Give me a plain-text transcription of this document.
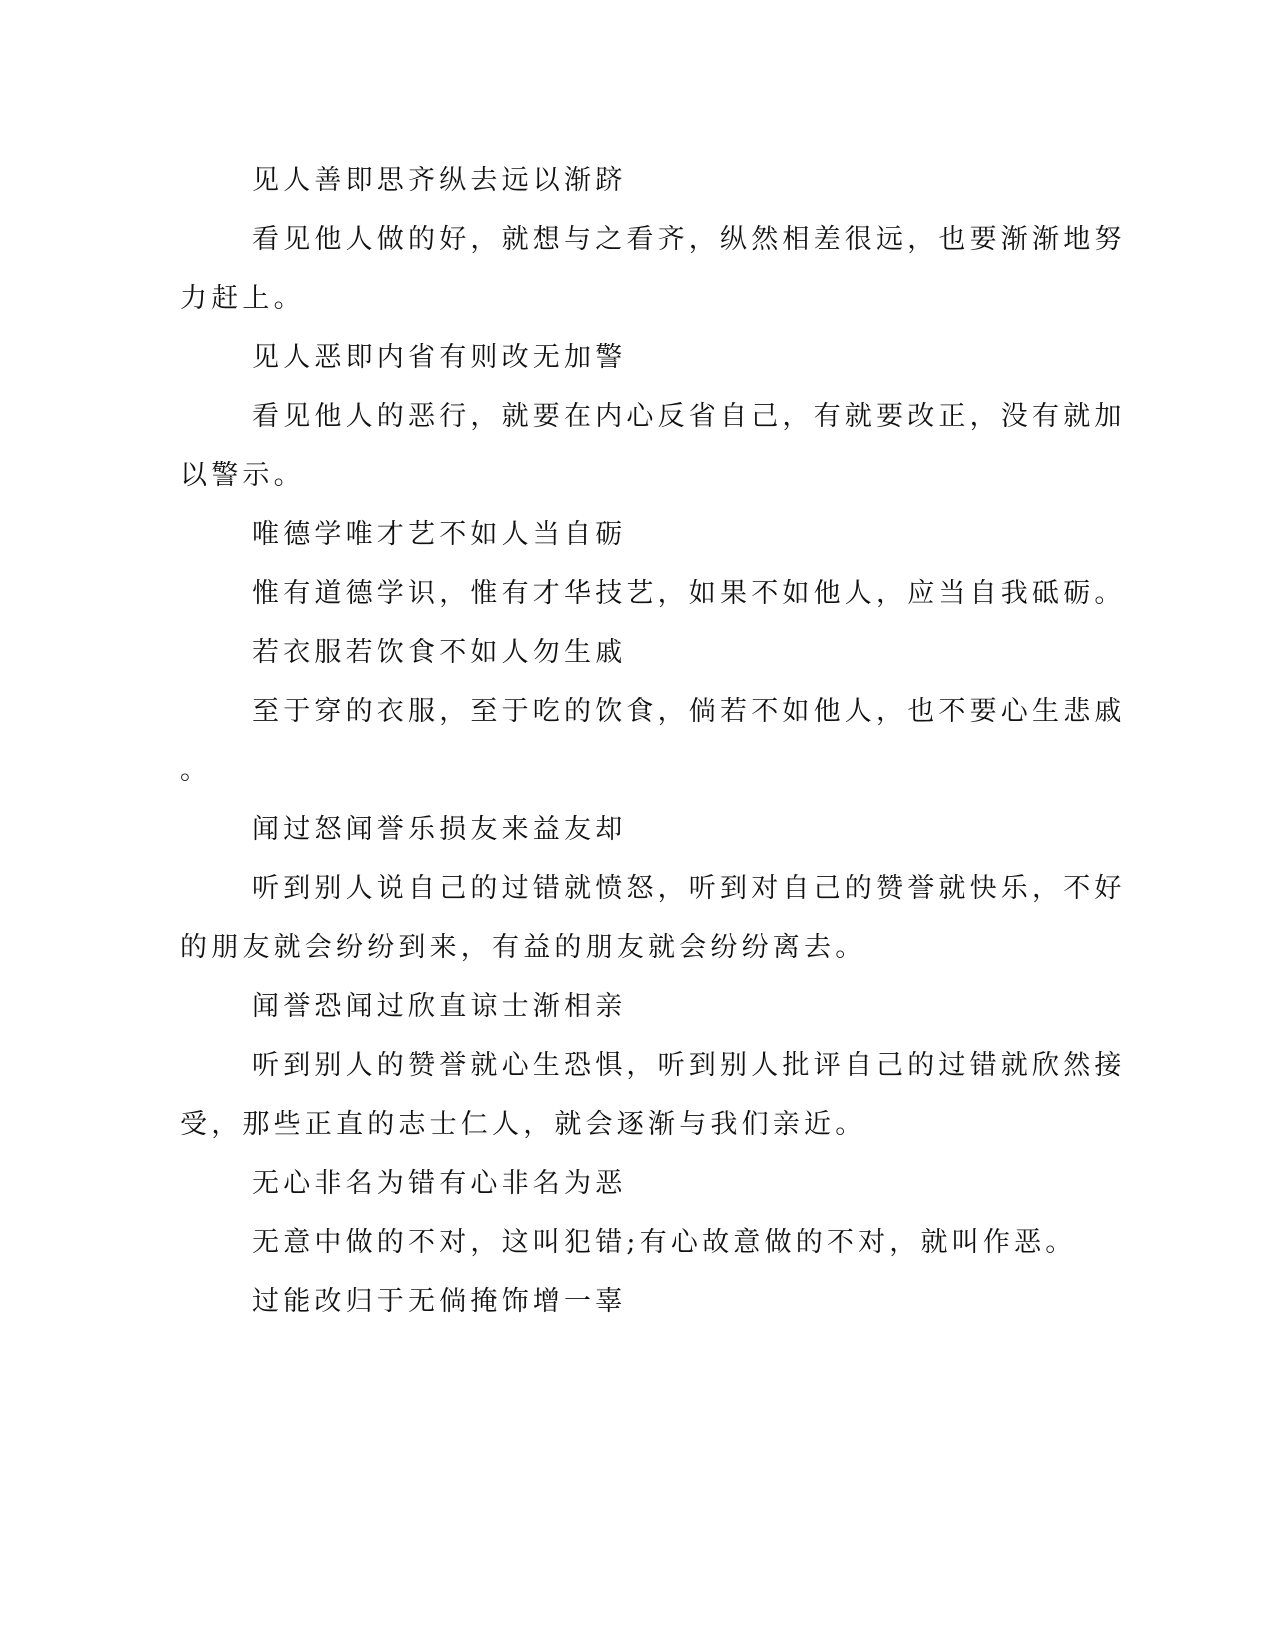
见人善即思齐纵去远以渐跻
看见他人做的好，就想与之看齐，纵然相差很远，也要渐渐地努
力赶上。
见人恶即内省有则改无加警
看见他人的恶行，就要在内心反省自己，有就要改正，没有就加
以警示。
唯德学唯才艺不如人当自砺
惟有道德学识，惟有才华技艺，如果不如他人，应当自我砥砺。
若衣服若饮食不如人勿生戚
至于穿的衣服，至于吃的饮食，倘若不如他人，也不要心生悲戚
。
闻过怒闻誉乐损友来益友却
听到别人说自己的过错就愤怒，听到对自己的赞誉就快乐，不好
的朋友就会纷纷到来，有益的朋友就会纷纷离去。
闻誉恐闻过欣直谅士渐相亲
听到别人的赞誉就心生恐惧，听到别人批评自己的过错就欣然接
受，那些正直的志士仁人，就会逐渐与我们亲近。
无心非名为错有心非名为恶
无意中做的不对，这叫犯错;有心故意做的不对，就叫作恶。
过能改归于无倘掩饰增一辜
